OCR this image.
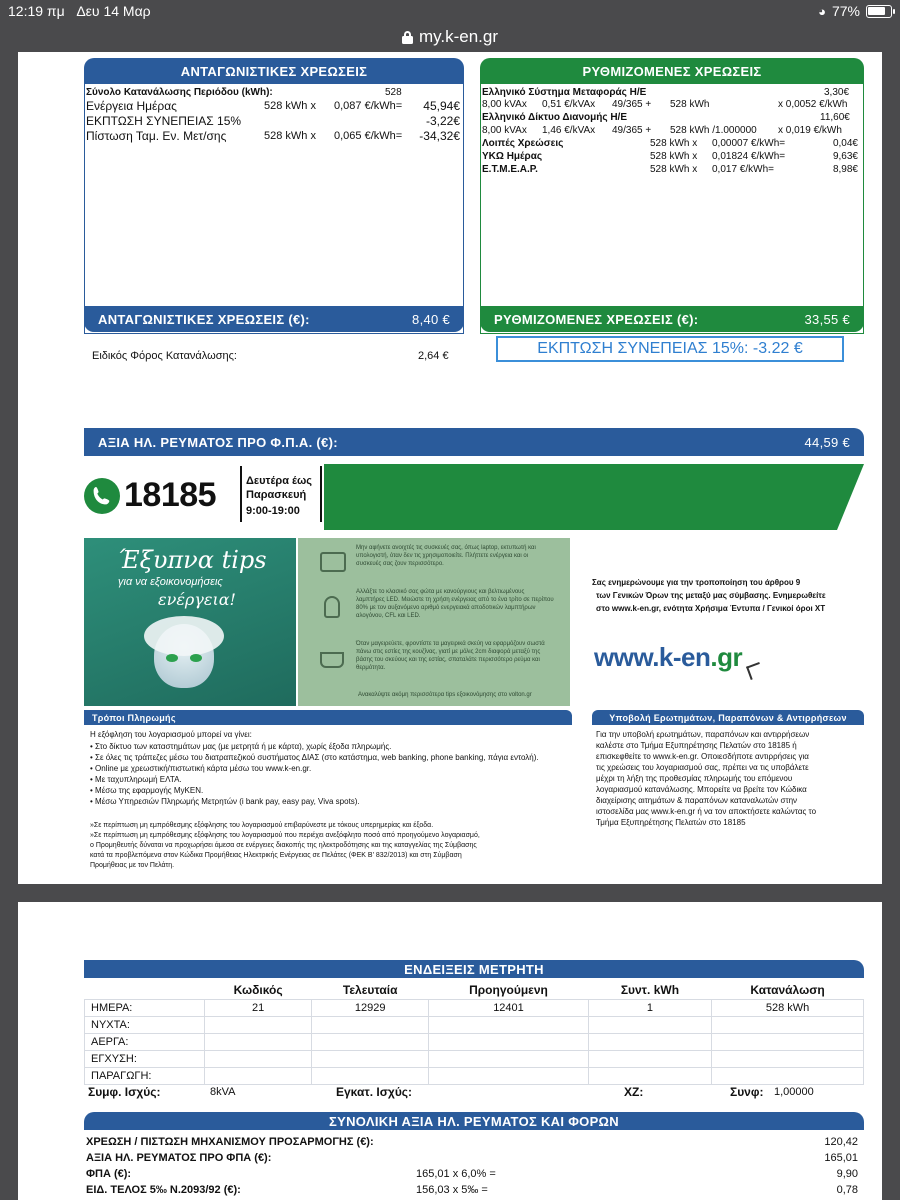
12:19 πμ Δευ 14 Μαρ	◕ 77%
my.k-en.gr
ΑΝΤΑΓΩΝΙΣΤΙΚΕΣ ΧΡΕΩΣΕΙΣ
Σύνολο Κατανάλωσης Περιόδου (kWh):	528
Ενέργεια Ημέρας	528 kWh x 0,087 €/kWh=	45,94€
ΕΚΠΤΩΣΗ ΣΥΝΕΠΕΙΑΣ 15%	-3,22€
Πίστωση Ταμ. Εν. Μετ/σης	528 kWh x 0,065 €/kWh=	-34,32€
ΑΝΤΑΓΩΝΙΣΤΙΚΕΣ ΧΡΕΩΣΕΙΣ (€):	8,40 €
Ειδικός Φόρος Κατανάλωσης:	2,64 €
ΡΥΘΜΙΖΟΜΕΝΕΣ ΧΡΕΩΣΕΙΣ
Ελληνικό Σύστημα Μεταφοράς Η/Ε	3,30€
8,00 kVAx 0,51 €/kVAx 49/365 + 528 kWh	x 0,0052 €/kWh
Ελληνικό Δίκτυο Διανομής Η/Ε	11,60€
8,00 kVAx 1,46 €/kVAx 49/365 + 528 kWh /1.000000 x 0,019 €/kWh
Λοιπές Χρεώσεις	528 kWh x 0,00007 €/kWh=	0,04€
ΥΚΩ Ημέρας	528 kWh x 0,01824 €/kWh=	9,63€
Ε.Τ.Μ.Ε.Α.Ρ.	528 kWh x 0,017 €/kWh=	8,98€
ΡΥΘΜΙΖΟΜΕΝΕΣ ΧΡΕΩΣΕΙΣ (€):	33,55 €
ΕΚΠΤΩΣΗ ΣΥΝΕΠΕΙΑΣ 15%: -3.22 €
ΑΞΙΑ ΗΛ. ΡΕΥΜΑΤΟΣ ΠΡΟ Φ.Π.Α. (€):	44,59 €
18185	Δευτέρα έως
Παρασκευή
9:00-19:00
Έξυπνα tips
για να εξοικονομήσεις
ενέργεια!
Μην αφήνετε ανοιχτές τις συσκευές σας, όπως laptop, εκτυπωτή και υπολογιστή, όταν δεν τις χρησιμοποιείτε. Πλήττετε ενέργεια και οι συσκευές σας ζουν περισσότερο.
Αλλάξτε το κλασικό σας φώτα με κανούργιους και βελτιωμένους λαμπτήρες LED. Μειώστε τη χρήση ενέργειας από το ένα τρίτο σε περίπου 80% με τον αυξανόμενο αριθμό ενεργειακά αποδοτικών λαμπτήρων αλογόνου, CFL και LED.
Όταν μαγειρεύετε, φροντίστε τα μαγειρικά σκεύη να εφαρμόζουν σωστά πάνω στις εστίες της κουζίνας, γιατί με μόλις 2cm διαφορά μεταξύ της βάσης του σκεύους και της εστίας, σπαταλάτε περισσότερο ρεύμα και θερμότητα.
Ανακαλύψτε ακόμη περισσότερα tips εξοικονόμησης στο volton.gr
Σας ενημερώνουμε για την τροποποίηση του άρθρου 9
των Γενικών Όρων της μεταξύ μας σύμβασης. Ενημερωθείτε
στο www.k-en.gr, ενότητα Χρήσιμα Έντυπα / Γενικοί όροι ΧΤ
www.k-en.gr
Τρόποι Πληρωμής
Η εξόφληση του λογαριασμού μπορεί να γίνει:
• Στο δίκτυο των καταστημάτων μας (με μετρητά ή με κάρτα), χωρίς έξοδα πληρωμής.
• Σε όλες τις τράπεζες μέσω του διατραπεζικού συστήματος ΔΙΑΣ (στο κατάστημα, web banking, phone banking, πάγια εντολή).
• Online με χρεωστική/πιστωτική κάρτα μέσω του www.k-en.gr.
• Με ταχυπληρωμή ΕΛΤΑ.
• Μέσω της εφαρμογής MyKEN.
• Μέσω Υπηρεσιών Πληρωμής Μετρητών (i bank pay, easy pay, Viva spots).
»Σε περίπτωση μη εμπρόθεσμης εξόφλησης του λογαριασμού επιβαρύνεστε με τόκους υπερημερίας και έξοδα.
»Σε περίπτωση μη εμπρόθεσμης εξόφλησης του λογαριασμού που περιέχει ανεξόφλητο ποσό από προηγούμενο λογαριασμό,
ο Προμηθευτής δύναται να προχωρήσει άμεσα σε ενέργειες διακοπής της ηλεκτροδότησης και της καταγγελίας της Σύμβασης
κατά τα προβλεπόμενα στον Κώδικα Προμήθειας Ηλεκτρικής Ενέργειας σε Πελάτες (ΦΕΚ Β' 832/2013) και στη Σύμβαση
Προμήθειας με τον Πελάτη.
Υποβολή Ερωτημάτων, Παραπόνων & Αντιρρήσεων
Για την υποβολή ερωτημάτων, παραπόνων και αντιρρήσεων
καλέστε στο Τμήμα Εξυπηρέτησης Πελατών στο 18185 ή
επισκεφθείτε το www.k-en.gr. Οποιεσδήποτε αντιρρήσεις για
τις χρεώσεις του λογαριασμού σας, πρέπει να τις υποβάλετε
μέχρι τη λήξη της προθεσμίας πληρωμής του επόμενου
λογαριασμού κατανάλωσης. Μπορείτε να βρείτε τον Κώδικα
διαχείρισης αιτημάτων & παραπόνων καταναλωτών στην
ιστοσελίδα μας www.k-en.gr ή να τον αποκτήσετε καλώντας το
Τμήμα Εξυπηρέτησης Πελατών στο 18185
ΕΝΔΕΙΞΕΙΣ ΜΕΤΡΗΤΗ
	Κωδικός	Τελευταία	Προηγούμενη	Συντ. kWh	Κατανάλωση
ΗΜΕΡΑ:	21	12929	12401	1	528 kWh
ΝΥΧΤΑ:					
ΑΕΡΓΑ:					
ΕΓΧΥΣΗ:					
ΠΑΡΑΓΩΓΗ:					
Συμφ. Ισχύς:	8kVA	Εγκατ. Ισχύς:	ΧΖ:	Συνφ: 1,00000
ΣΥΝΟΛΙΚΗ ΑΞΙΑ ΗΛ. ΡΕΥΜΑΤΟΣ ΚΑΙ ΦΟΡΩΝ
ΧΡΕΩΣΗ / ΠΙΣΤΩΣΗ ΜΗΧΑΝΙΣΜΟΥ ΠΡΟΣΑΡΜΟΓΗΣ (€):	120,42
ΑΞΙΑ ΗΛ. ΡΕΥΜΑΤΟΣ ΠΡΟ ΦΠΑ (€):	165,01
ΦΠΑ (€):	165,01 x 6,0% =	9,90
ΕΙΔ. ΤΕΛΟΣ 5‰ Ν.2093/92 (€):	156,03 x 5‰ =	0,78
